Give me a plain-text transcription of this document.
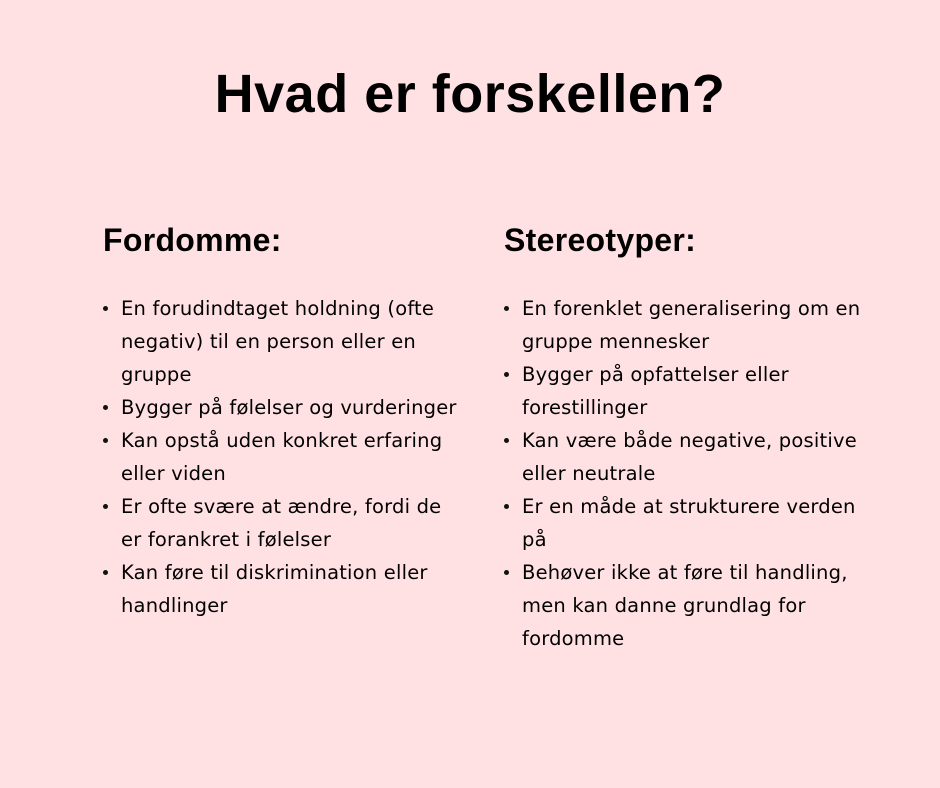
Hvad er forskellen?
Fordomme:
En forudindtaget holdning (ofte negativ) til en person eller en gruppe
Bygger på følelser og vurderinger
Kan opstå uden konkret erfaring eller viden
Er ofte svære at ændre, fordi de er forankret i følelser
Kan føre til diskrimination eller handlinger
Stereotyper:
En forenklet generalisering om en gruppe mennesker
Bygger på opfattelser eller forestillinger
Kan være både negative, positive eller neutrale
Er en måde at strukturere verden på
Behøver ikke at føre til handling, men kan danne grundlag for fordomme
